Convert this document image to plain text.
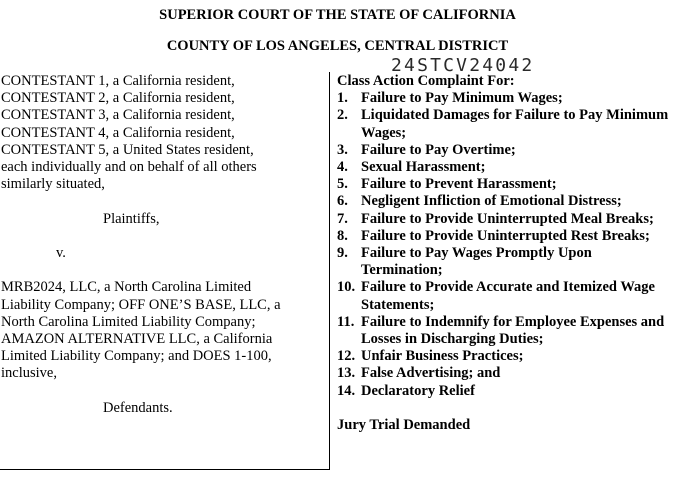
SUPERIOR COURT OF THE STATE OF CALIFORNIA
COUNTY OF LOS ANGELES, CENTRAL DISTRICT
24STCV24042
CONTESTANT 1, a California resident,
CONTESTANT 2, a California resident,
CONTESTANT 3, a California resident,
CONTESTANT 4, a California resident,
CONTESTANT 5, a United States resident,
each individually and on behalf of all others
similarly situated,
Plaintiffs,
v.
MRB2024, LLC, a North Carolina Limited
Liability Company; OFF ONE’S BASE, LLC, a
North Carolina Limited Liability Company;
AMAZON ALTERNATIVE LLC, a California
Limited Liability Company; and DOES 1-100,
inclusive,
Defendants.
Class Action Complaint For:
1. Failure to Pay Minimum Wages;
2. Liquidated Damages for Failure to Pay Minimum Wages;
3. Failure to Pay Overtime;
4. Sexual Harassment;
5. Failure to Prevent Harassment;
6. Negligent Infliction of Emotional Distress;
7. Failure to Provide Uninterrupted Meal Breaks;
8. Failure to Provide Uninterrupted Rest Breaks;
9. Failure to Pay Wages Promptly Upon Termination;
10. Failure to Provide Accurate and Itemized Wage Statements;
11. Failure to Indemnify for Employee Expenses and Losses in Discharging Duties;
12. Unfair Business Practices;
13. False Advertising; and
14. Declaratory Relief
Jury Trial Demanded
